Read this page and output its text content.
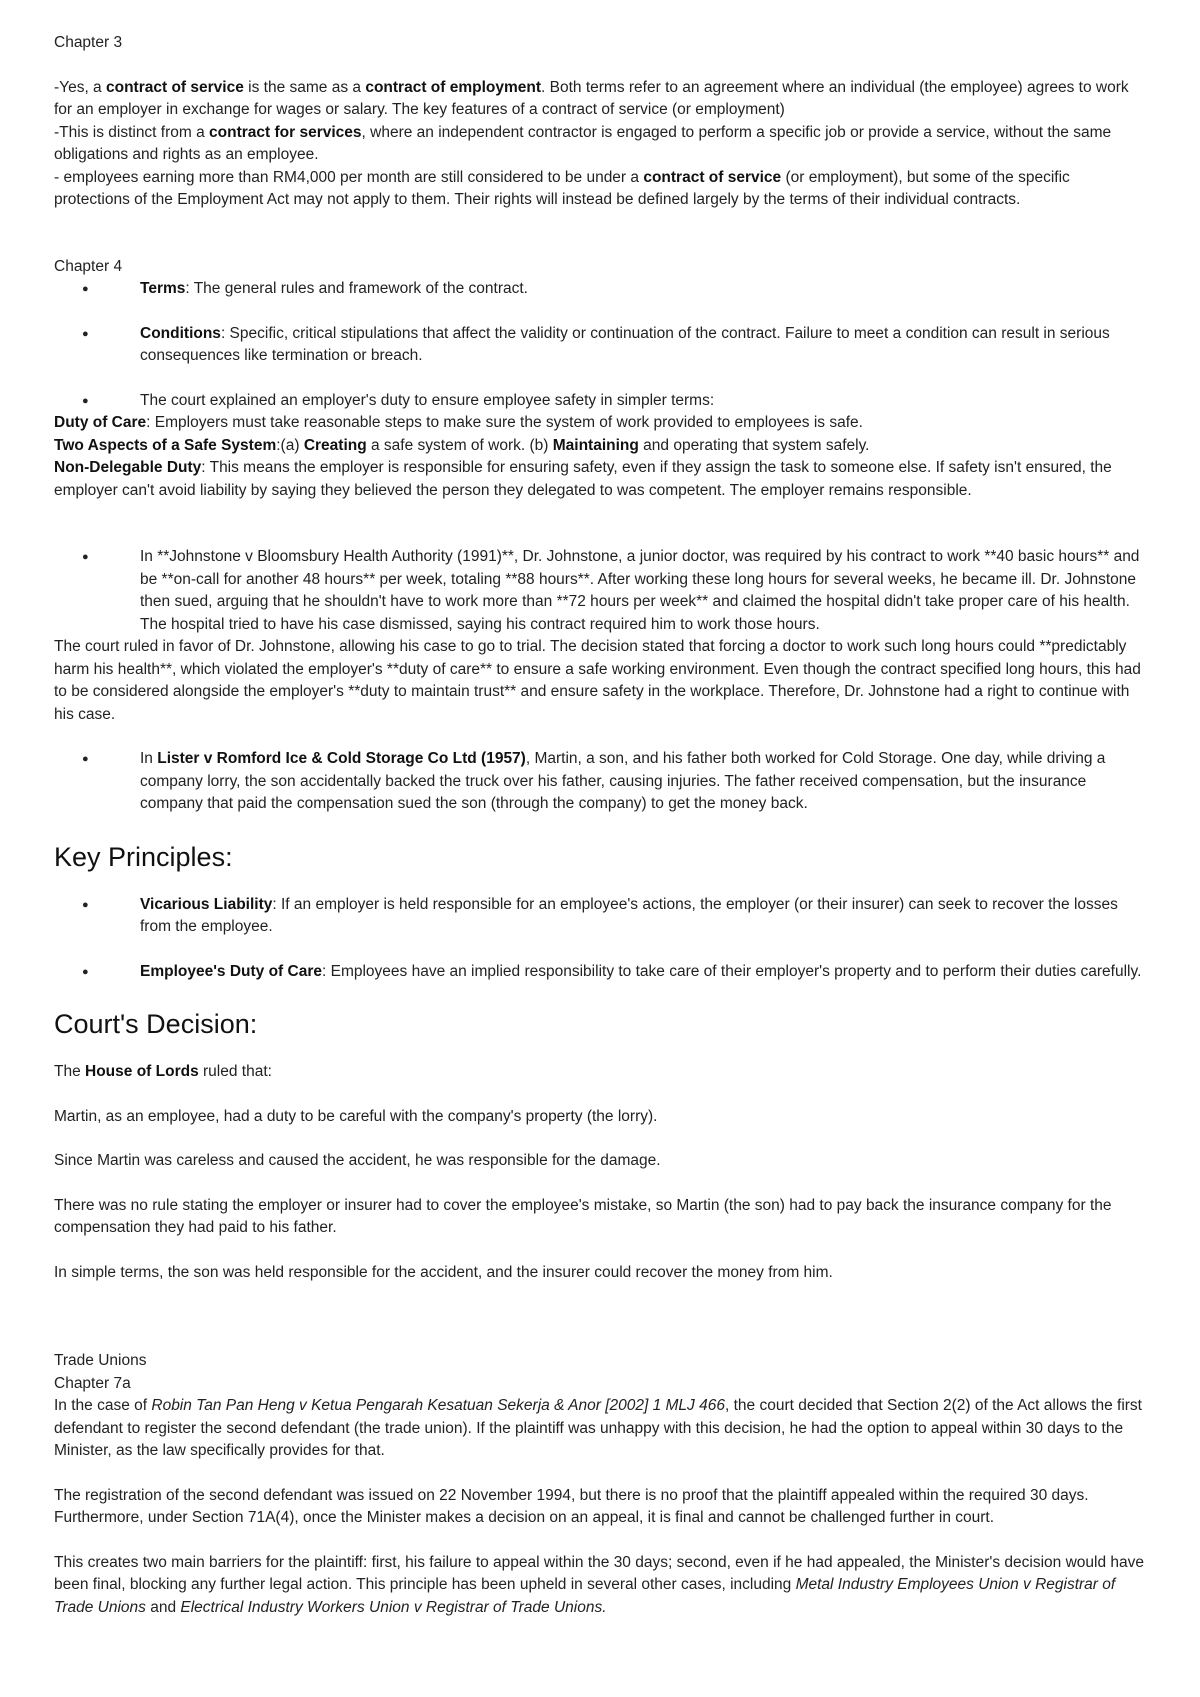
Chapter 3

-Yes, a contract of service is the same as a contract of employment. Both terms refer to an agreement where an individual (the employee) agrees to work for an employer in exchange for wages or salary. The key features of a contract of service (or employment)

-This is distinct from a contract for services, where an independent contractor is engaged to perform a specific job or provide a service, without the same obligations and rights as an employee.

- employees earning more than RM4,000 per month are still considered to be under a contract of service (or employment), but some of the specific protections of the Employment Act may not apply to them. Their rights will instead be defined largely by the terms of their individual contracts.

Chapter 4

● Terms: The general rules and framework of the contract.
● Conditions: Specific, critical stipulations that affect the validity or continuation of the contract. Failure to meet a condition can result in serious consequences like termination or breach.
● The court explained an employer's duty to ensure employee safety in simpler terms:

Duty of Care: Employers must take reasonable steps to make sure the system of work provided to employees is safe.

Two Aspects of a Safe System:(a) Creating a safe system of work. (b) Maintaining and operating that system safely.

Non-Delegable Duty: This means the employer is responsible for ensuring safety, even if they assign the task to someone else. If safety isn't ensured, the employer can't avoid liability by saying they believed the person they delegated to was competent. The employer remains responsible.

● In **Johnstone v Bloomsbury Health Authority (1991)**, Dr. Johnstone, a junior doctor, was required by his contract to work **40 basic hours** and be **on-call for another 48 hours** per week, totaling **88 hours**. After working these long hours for several weeks, he became ill. Dr. Johnstone then sued, arguing that he shouldn't have to work more than **72 hours per week** and claimed the hospital didn't take proper care of his health. The hospital tried to have his case dismissed, saying his contract required him to work those hours.

The court ruled in favor of Dr. Johnstone, allowing his case to go to trial. The decision stated that forcing a doctor to work such long hours could **predictably harm his health**, which violated the employer's **duty of care** to ensure a safe working environment. Even though the contract specified long hours, this had to be considered alongside the employer's **duty to maintain trust** and ensure safety in the workplace. Therefore, Dr. Johnstone had a right to continue with his case.

● In Lister v Romford Ice & Cold Storage Co Ltd (1957), Martin, a son, and his father both worked for Cold Storage. One day, while driving a company lorry, the son accidentally backed the truck over his father, causing injuries. The father received compensation, but the insurance company that paid the compensation sued the son (through the company) to get the money back.
Key Principles:
● Vicarious Liability: If an employer is held responsible for an employee's actions, the employer (or their insurer) can seek to recover the losses from the employee.
● Employee's Duty of Care: Employees have an implied responsibility to take care of their employer's property and to perform their duties carefully.
Court's Decision:

The House of Lords ruled that:

Martin, as an employee, had a duty to be careful with the company's property (the lorry).

Since Martin was careless and caused the accident, he was responsible for the damage.

There was no rule stating the employer or insurer had to cover the employee's mistake, so Martin (the son) had to pay back the insurance company for the compensation they had paid to his father.

In simple terms, the son was held responsible for the accident, and the insurer could recover the money from him.

Trade Unions

Chapter 7a

In the case of Robin Tan Pan Heng v Ketua Pengarah Kesatuan Sekerja & Anor [2002] 1 MLJ 466, the court decided that Section 2(2) of the Act allows the first defendant to register the second defendant (the trade union). If the plaintiff was unhappy with this decision, he had the option to appeal within 30 days to the Minister, as the law specifically provides for that.

The registration of the second defendant was issued on 22 November 1994, but there is no proof that the plaintiff appealed within the required 30 days. Furthermore, under Section 71A(4), once the Minister makes a decision on an appeal, it is final and cannot be challenged further in court.

This creates two main barriers for the plaintiff: first, his failure to appeal within the 30 days; second, even if he had appealed, the Minister's decision would have been final, blocking any further legal action. This principle has been upheld in several other cases, including Metal Industry Employees Union v Registrar of Trade Unions and Electrical Industry Workers Union v Registrar of Trade Unions.
